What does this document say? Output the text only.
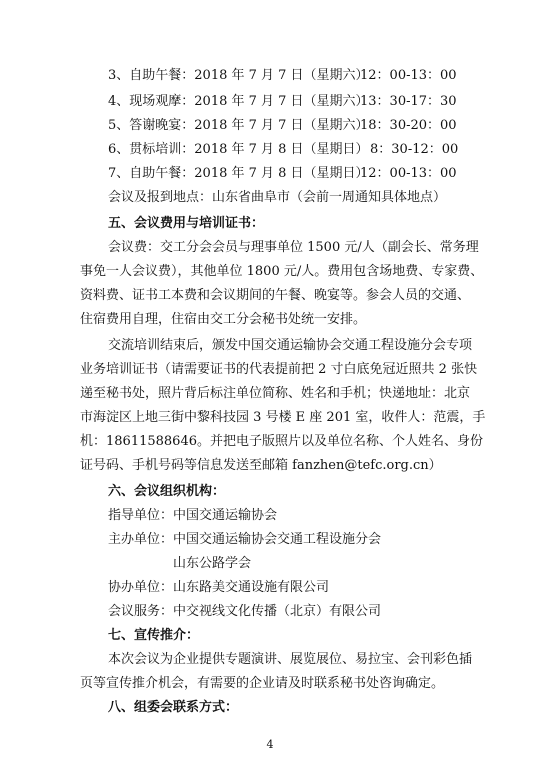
3、自助午餐：2018 年 7 月 7 日（星期六）
12：00-13：00
4、现场观摩：2018 年 7 月 7 日（星期六）
13：30-17：30
5、答谢晚宴：2018 年 7 月 7 日（星期六）
18：30-20：00
6、贯标培训：2018 年 7 月 8 日（星期日） 8：30-12：00
7、自助午餐：2018 年 7 月 8 日（星期日）
12：00-13：00
会议及报到地点：山东省曲阜市（会前一周通知具体地点）
五、会议费用与培训证书：
会议费：交工分会会员与理事单位 1500 元/人（副会长、常务理
事免一人会议费），其他单位 1800 元/人。费用包含场地费、专家费、
资料费、证书工本费和会议期间的午餐、晚宴等。参会人员的交通、
住宿费用自理，住宿由交工分会秘书处统一安排。
交流培训结束后，颁发中国交通运输协会交通工程设施分会专项
业务培训证书（请需要证书的代表提前把 2 寸白底免冠近照共 2 张快
递至秘书处，照片背后标注单位简称、姓名和手机；快递地址：北京
市海淀区上地三街中黎科技园 3 号楼 E 座 201 室，收件人：范震，手
机：18611588646。并把电子版照片以及单位名称、个人姓名、身份
证号码、手机号码等信息发送至邮箱 fanzhen@tefc.org.cn）
六、会议组织机构：
指导单位：中国交通运输协会
主办单位：中国交通运输协会交通工程设施分会
山东公路学会
协办单位：山东路美交通设施有限公司
会议服务：中交视线文化传播（北京）有限公司
七、宣传推介：
本次会议为企业提供专题演讲、展览展位、易拉宝、会刊彩色插
页等宣传推介机会，有需要的企业请及时联系秘书处咨询确定。
八、组委会联系方式：
4
